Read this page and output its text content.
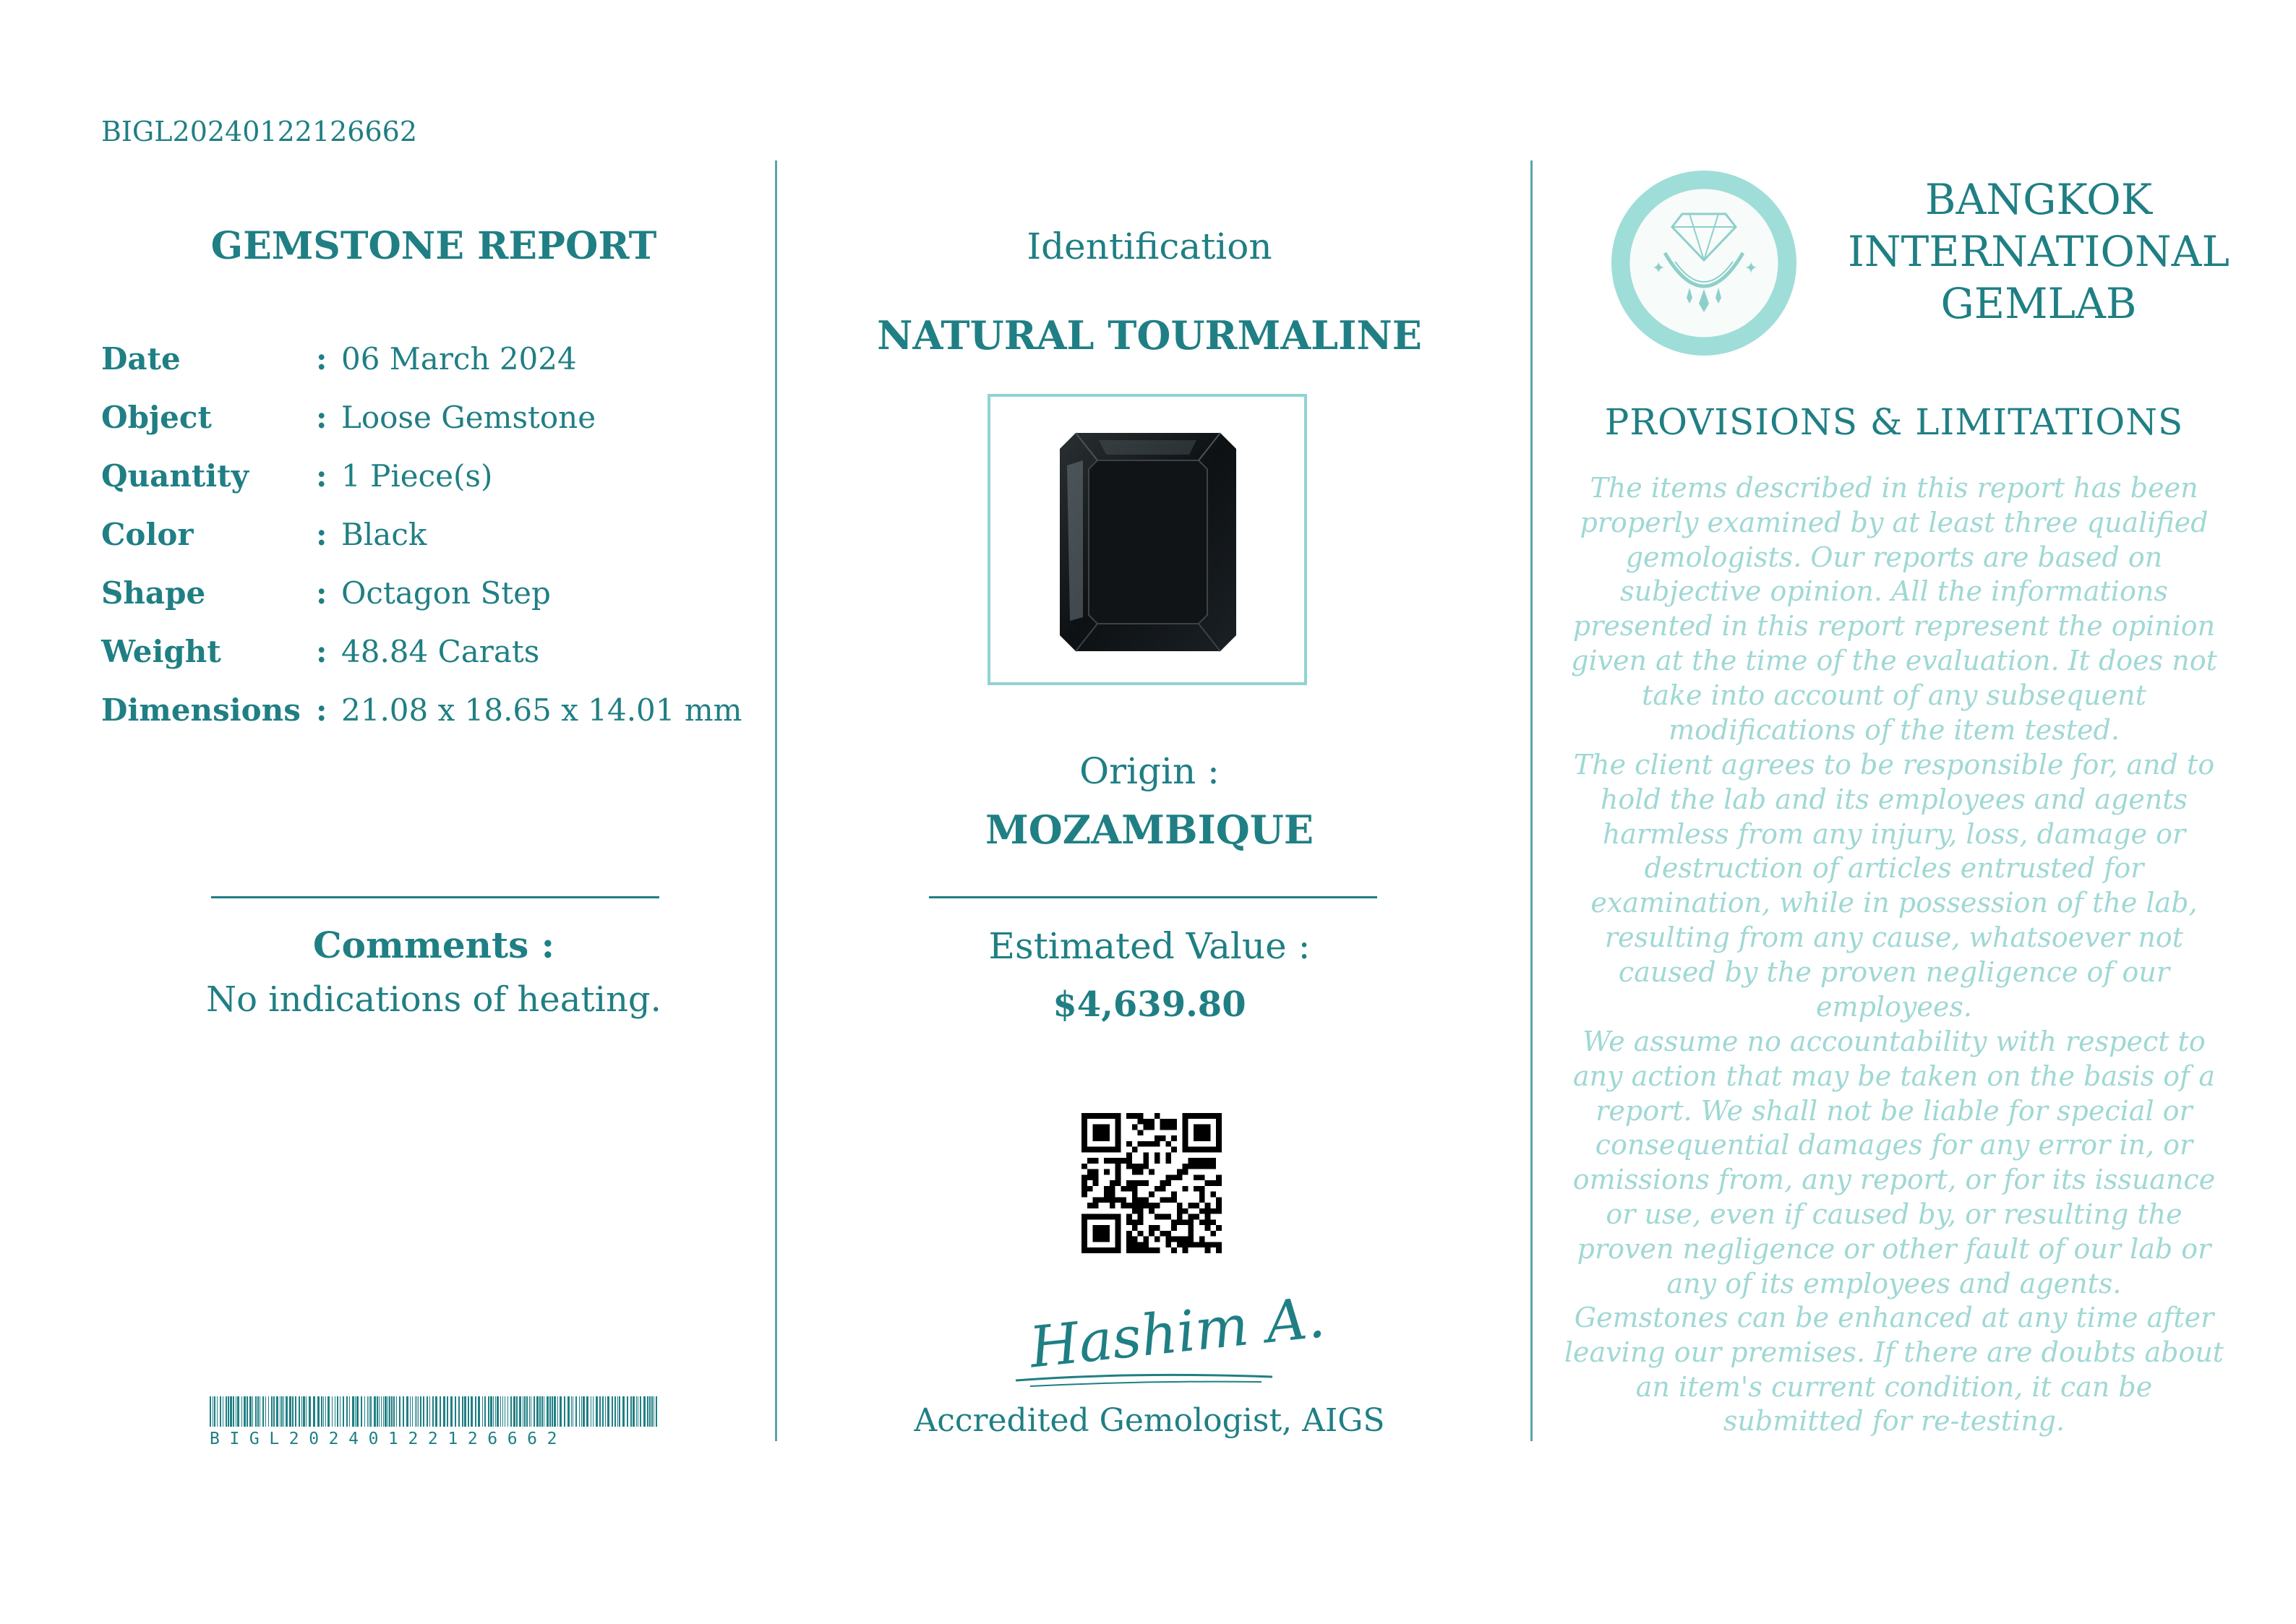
BIGL20240122126662
GEMSTONE REPORT
Date	: 06 March 2024
Object	: Loose Gemstone
Quantity : 1 Piece(s)
Color	: Black
Shape	: Octagon Step
Weight	: 48.84 Carats
Dimensions : 21.08 x 18.65 x 14.01 mm
Comments :
No indications of heating.
BIGL20240122126662
Identification
NATURAL TOURMALINE
Origin :
MOZAMBIQUE
Estimated Value :
$4,639.80
Hashim A.
Accredited Gemologist, AIGS
✦	✦
BANGKOK
INTERNATIONAL
GEMLAB
PROVISIONS & LIMITATIONS
The items described in this report has been properly examined by at least three qualified gemologists. Our reports are based on subjective opinion. All the informations presented in this report represent the opinion given at the time of the evaluation. It does not take into account of any subsequent modifications of the item tested.
The client agrees to be responsible for, and to hold the lab and its employees and agents harmless from any injury, loss, damage or destruction of articles entrusted for examination, while in possession of the lab, resulting from any cause, whatsoever not caused by the proven negligence of our employees.
We assume no accountability with respect to any action that may be taken on the basis of a report. We shall not be liable for special or consequential damages for any error in, or omissions from, any report, or for its issuance or use, even if caused by, or resulting the proven negligence or other fault of our lab or any of its employees and agents.
Gemstones can be enhanced at any time after leaving our premises. If there are doubts about an item's current condition, it can be submitted for re-testing.
